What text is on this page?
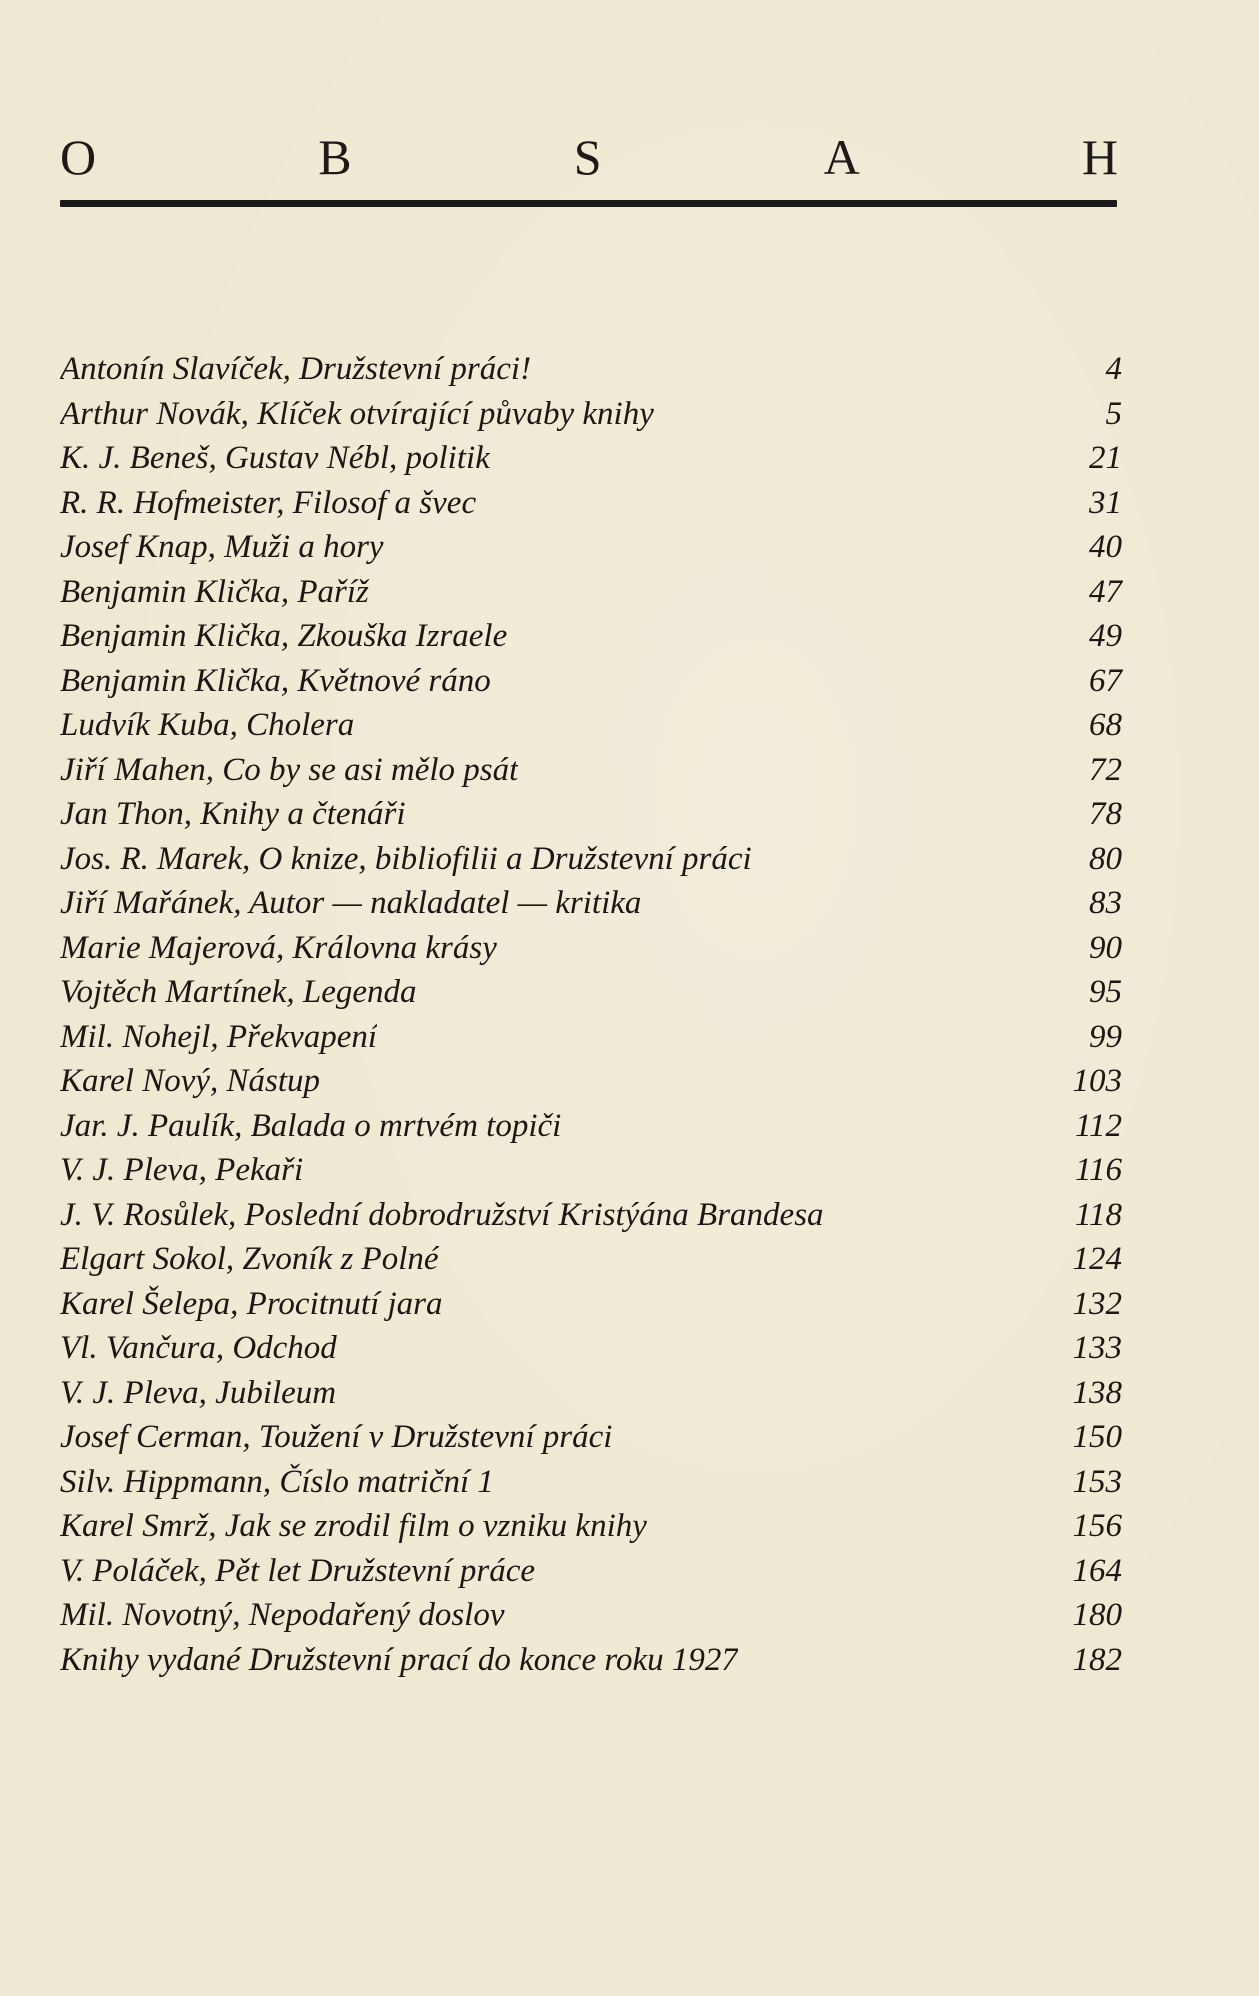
O	B	S	A	H
Antonín Slavíček, Družstevní práci!	4
Arthur Novák, Klíček otvírající půvaby knihy	5
K. J. Beneš, Gustav Nébl, politik	21
R. R. Hofmeister, Filosof a švec	31
Josef Knap, Muži a hory	40
Benjamin Klička, Paříž	47
Benjamin Klička, Zkouška Izraele	49
Benjamin Klička, Květnové ráno	67
Ludvík Kuba, Cholera	68
Jiří Mahen, Co by se asi mělo psát	72
Jan Thon, Knihy a čtenáři	78
Jos. R. Marek, O knize, bibliofilii a Družstevní práci	80
Jiří Mařánek, Autor — nakladatel — kritika	83
Marie Majerová, Královna krásy	90
Vojtěch Martínek, Legenda	95
Mil. Nohejl, Překvapení	99
Karel Nový, Nástup	103
Jar. J. Paulík, Balada o mrtvém topiči	112
V. J. Pleva, Pekaři	116
J. V. Rosůlek, Poslední dobrodružství Kristýána Brandesa	118
Elgart Sokol, Zvoník z Polné	124
Karel Šelepa, Procitnutí jara	132
Vl. Vančura, Odchod	133
V. J. Pleva, Jubileum	138
Josef Cerman, Toužení v Družstevní práci	150
Silv. Hippmann, Číslo matriční 1	153
Karel Smrž, Jak se zrodil film o vzniku knihy	156
V. Poláček, Pět let Družstevní práce	164
Mil. Novotný, Nepodařený doslov	180
Knihy vydané Družstevní prací do konce roku 1927	182
